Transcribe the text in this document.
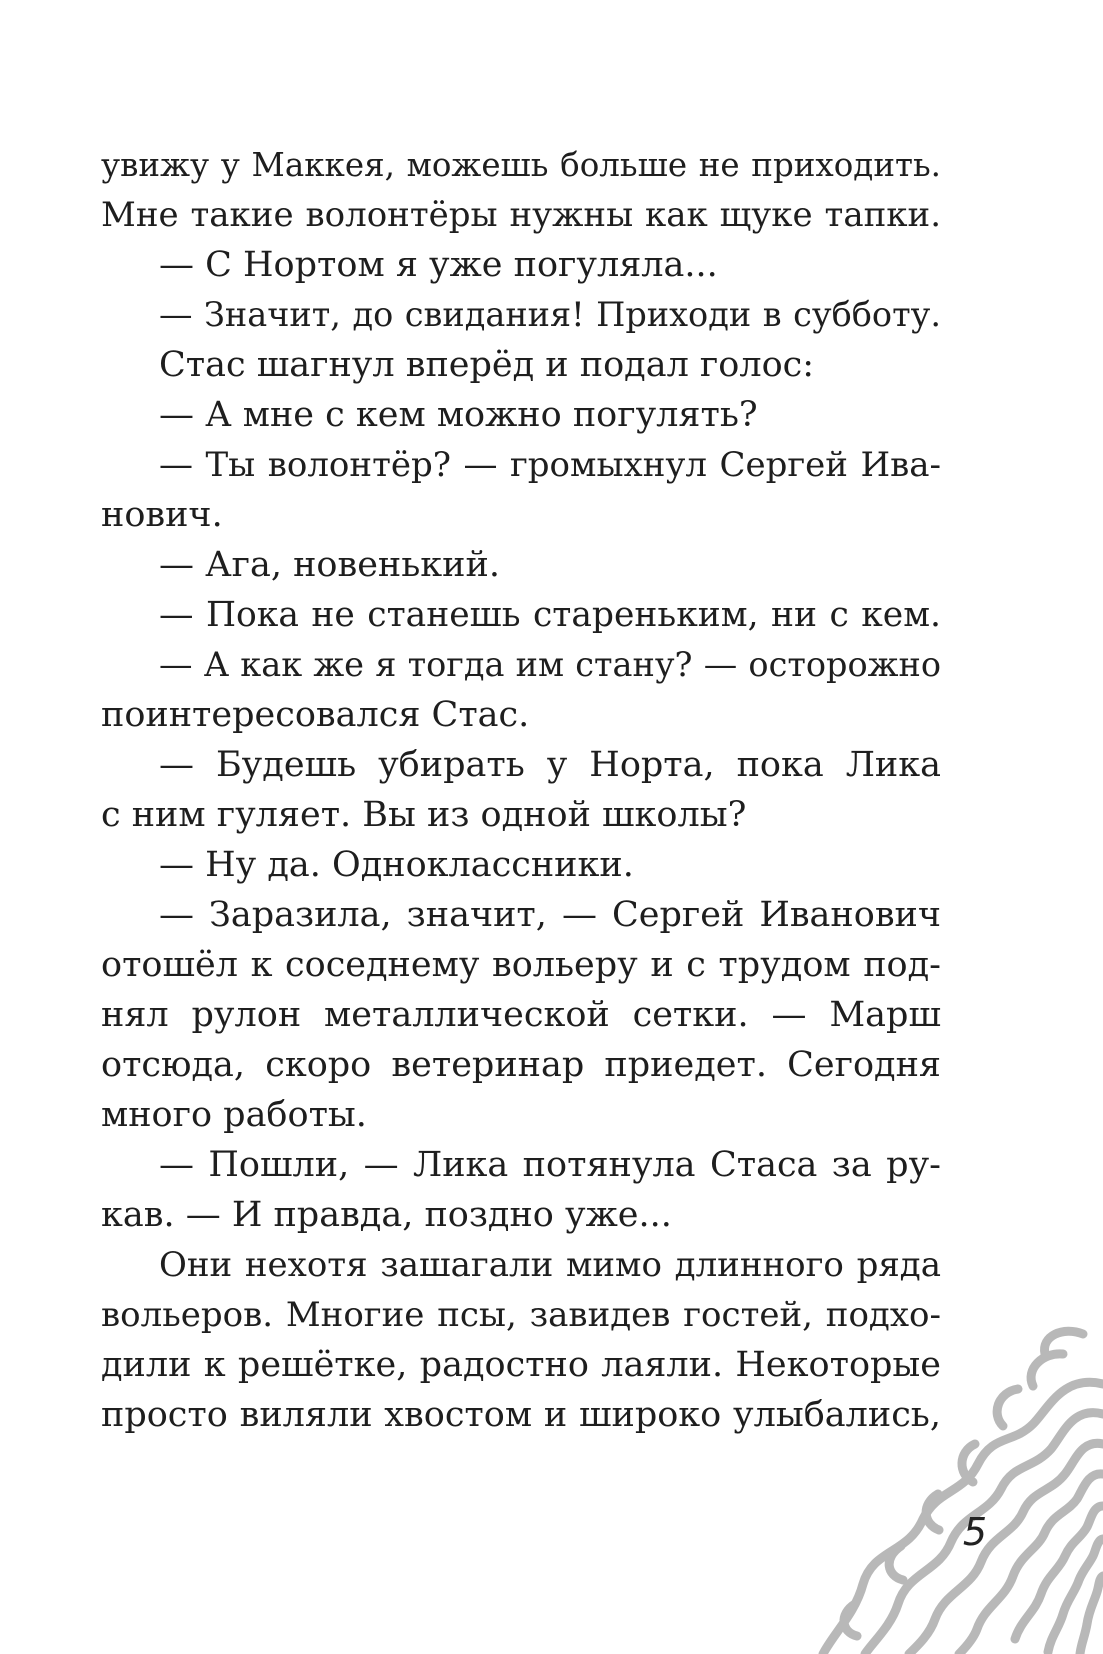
увижу у Маккея, можешь больше не приходить.
Мне такие волонтёры нужны как щуке тапки.
— С Нортом я уже погуляла...
— Значит, до свидания! Приходи в субботу.
Стас шагнул вперёд и подал голос:
— А мне с кем можно погулять?
— Ты волонтёр? — громыхнул Сергей Ива-
нович.
— Ага, новенький.
— Пока не станешь стареньким, ни с кем.
— А как же я тогда им стану? — осторожно
поинтересовался Стас.
— Будешь убирать у Норта, пока Лика
с ним гуляет. Вы из одной школы?
— Ну да. Одноклассники.
— Заразила, значит, — Сергей Иванович
отошёл к соседнему вольеру и с трудом под-
нял рулон металлической сетки. — Марш
отсюда, скоро ветеринар приедет. Сегодня
много работы.
— Пошли, — Лика потянула Стаса за ру-
кав. — И правда, поздно уже...
Они нехотя зашагали мимо длинного ряда
вольеров. Многие псы, завидев гостей, подхо-
дили к решётке, радостно лаяли. Некоторые
просто виляли хвостом и широко улыбались,
5
